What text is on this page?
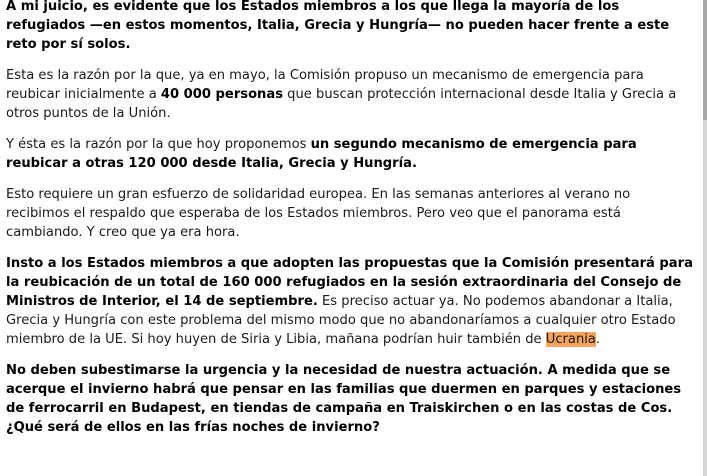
A mi juicio, es evidente que los Estados miembros a los que llega la mayoría de los refugiados —en estos momentos, Italia, Grecia y Hungría— no pueden hacer frente a este reto por sí solos.

Esta es la razón por la que, ya en mayo, la Comisión propuso un mecanismo de emergencia para reubicar inicialmente a 40 000 personas que buscan protección internacional desde Italia y Grecia a otros puntos de la Unión.

Y ésta es la razón por la que hoy proponemos un segundo mecanismo de emergencia para reubicar a otras 120 000 desde Italia, Grecia y Hungría.

Esto requiere un gran esfuerzo de solidaridad europea. En las semanas anteriores al verano no recibimos el respaldo que esperaba de los Estados miembros. Pero veo que el panorama está cambiando. Y creo que ya era hora.

Insto a los Estados miembros a que adopten las propuestas que la Comisión presentará para la reubicación de un total de 160 000 refugiados en la sesión extraordinaria del Consejo de Ministros de Interior, el 14 de septiembre. Es preciso actuar ya. No podemos abandonar a Italia, Grecia y Hungría con este problema del mismo modo que no abandonaríamos a cualquier otro Estado miembro de la UE. Si hoy huyen de Siria y Libia, mañana podrían huir también de Ucrania.

No deben subestimarse la urgencia y la necesidad de nuestra actuación. A medida que se acerque el invierno habrá que pensar en las familias que duermen en parques y estaciones de ferrocarril en Budapest, en tiendas de campaña en Traiskirchen o en las costas de Cos. ¿Qué será de ellos en las frías noches de invierno?
